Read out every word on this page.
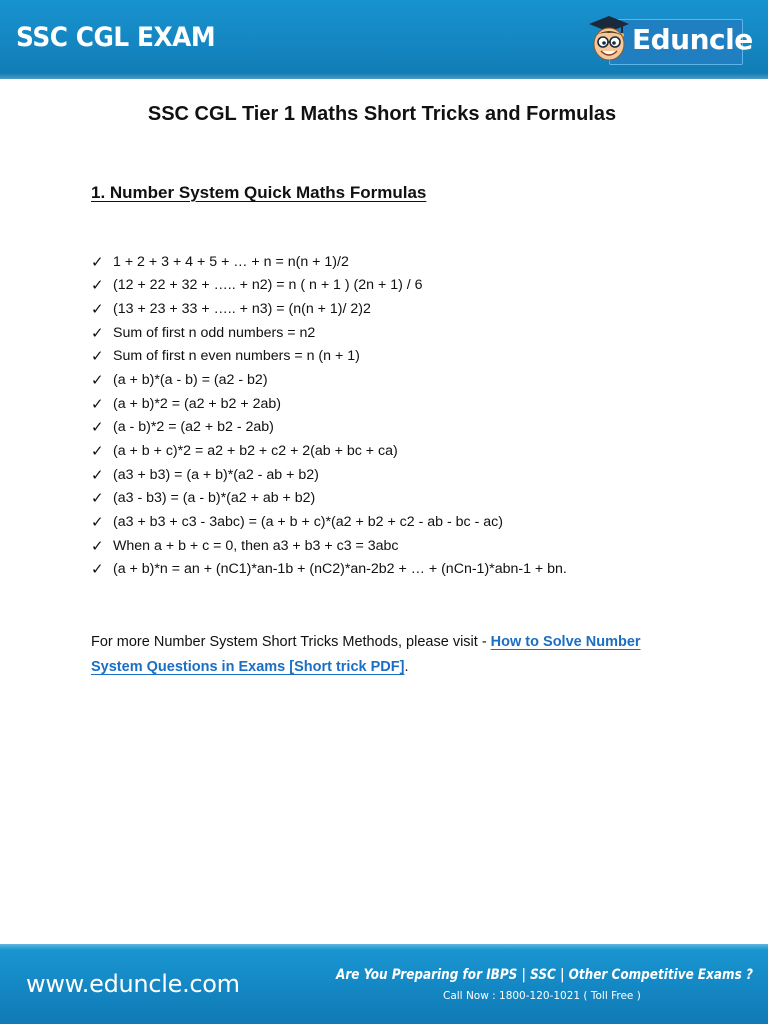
SSC CGL EXAM	Eduncle
SSC CGL Tier 1 Maths Short Tricks and Formulas
1. Number System Quick Maths Formulas
✓ 1 + 2 + 3 + 4 + 5 + … + n = n(n + 1)/2
✓ (12 + 22 + 32 + ….. + n2) = n ( n + 1 ) (2n + 1) / 6
✓ (13 + 23 + 33 + ….. + n3) = (n(n + 1)/ 2)2
✓ Sum of first n odd numbers = n2
✓ Sum of first n even numbers = n (n + 1)
✓ (a + b)*(a - b) = (a2 - b2)
✓ (a + b)*2 = (a2 + b2 + 2ab)
✓ (a - b)*2 = (a2 + b2 - 2ab)
✓ (a + b + c)*2 = a2 + b2 + c2 + 2(ab + bc + ca)
✓ (a3 + b3) = (a + b)*(a2 - ab + b2)
✓ (a3 - b3) = (a - b)*(a2 + ab + b2)
✓ (a3 + b3 + c3 - 3abc) = (a + b + c)*(a2 + b2 + c2 - ab - bc - ac)
✓ When a + b + c = 0, then a3 + b3 + c3 = 3abc
✓ (a + b)*n = an + (nC1)*an-1b + (nC2)*an-2b2 + … + (nCn-1)*abn-1 + bn.
For more Number System Short Tricks Methods, please visit - How to Solve Number System Questions in Exams [Short trick PDF].
www.eduncle.com	Are You Preparing for IBPS | SSC | Other Competitive Exams ?
Call Now : 1800-120-1021 ( Toll Free )
